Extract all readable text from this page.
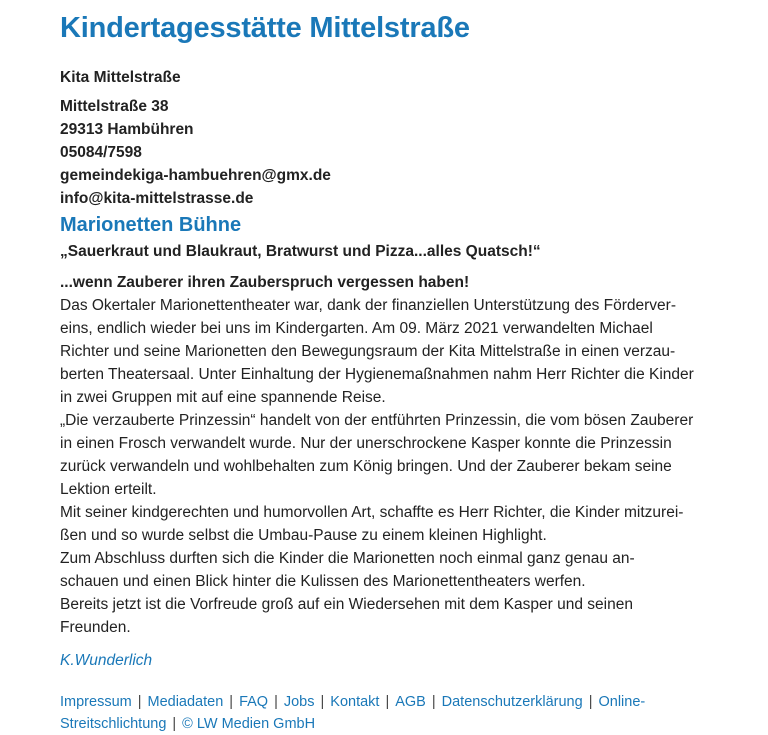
Kindertagesstätte Mittelstraße
Kita Mittelstraße
Mittelstraße 38
29313 Hambühren
05084/7598
gemeindekiga-hambuehren@gmx.de
info@kita-mittelstrasse.de
Marionetten Bühne
„Sauerkraut und Blaukraut, Bratwurst und Pizza...alles Quatsch!“
...wenn Zauberer ihren Zauberspruch vergessen haben!

Das Okertaler Marionettentheater war, dank der finanziellen Unterstützung des Förderver-

eins, endlich wieder bei uns im Kindergarten. Am 09. März 2021 verwandelten Michael

Richter und seine Marionetten den Bewegungsraum der Kita Mittelstraße in einen verzau-

berten Theatersaal. Unter Einhaltung der Hygienemaßnahmen nahm Herr Richter die Kinder

in zwei Gruppen mit auf eine spannende Reise.

„Die verzauberte Prinzessin“ handelt von der entführten Prinzessin, die vom bösen Zauberer

in einen Frosch verwandelt wurde. Nur der unerschrockene Kasper konnte die Prinzessin

zurück verwandeln und wohlbehalten zum König bringen. Und der Zauberer bekam seine

Lektion erteilt.

Mit seiner kindgerechten und humorvollen Art, schaffte es Herr Richter, die Kinder mitzurei-

ßen und so wurde selbst die Umbau-Pause zu einem kleinen Highlight.

Zum Abschluss durften sich die Kinder die Marionetten noch einmal ganz genau an-

schauen und einen Blick hinter die Kulissen des Marionettentheaters werfen.

Bereits jetzt ist die Vorfreude groß auf ein Wiedersehen mit dem Kasper und seinen

Freunden.

K.Wunderlich
Impressum | Mediadaten | FAQ | Jobs | Kontakt | AGB | Datenschutzerklärung | Online-
Streitschlichtung | © LW Medien GmbH
